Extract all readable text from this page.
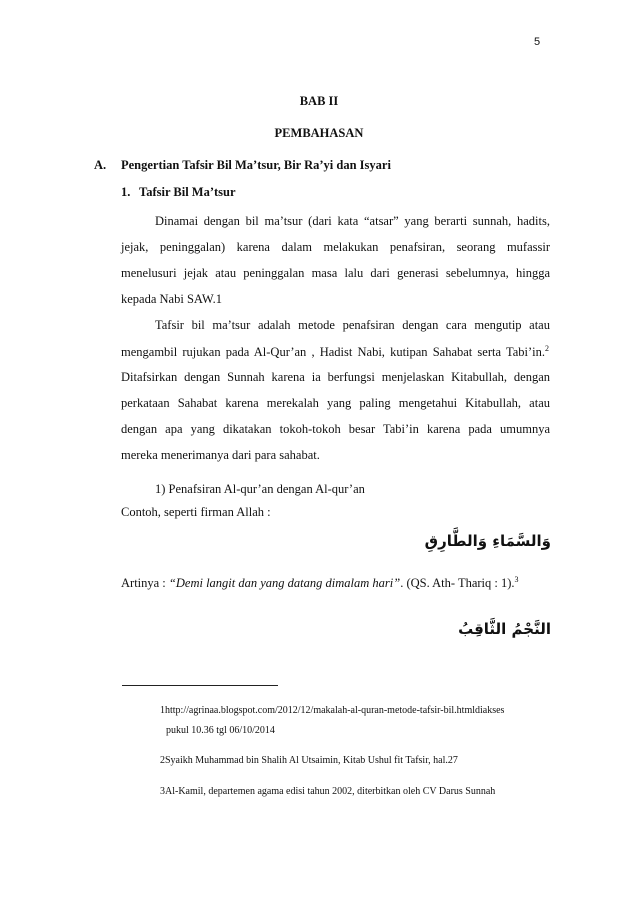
5
BAB II
PEMBAHASAN
A. Pengertian Tafsir Bil Ma’tsur, Bir Ra’yi dan Isyari
1. Tafsir Bil Ma’tsur
Dinamai dengan bil ma’tsur (dari kata “atsar” yang berarti sunnah, hadits,
jejak, peninggalan) karena dalam melakukan penafsiran, seorang mufassir
menelusuri jejak atau peninggalan masa lalu dari generasi sebelumnya, hingga
kepada Nabi SAW.1
Tafsir bil ma’tsur adalah metode penafsiran dengan cara mengutip atau
mengambil rujukan pada Al-Qur’an , Hadist Nabi, kutipan Sahabat serta Tabi’in.$^2$
Ditafsirkan dengan Sunnah karena ia berfungsi menjelaskan Kitabullah, dengan
perkataan Sahabat karena merekalah yang paling mengetahui Kitabullah, atau
dengan apa yang dikatakan tokoh-tokoh besar Tabi’in karena pada umumnya
mereka menerimanya dari para sahabat.
1) Penafsiran Al-qur’an dengan Al-qur’an
Contoh, seperti firman Allah :
وَالسَّمَاءِ وَالطَّارِقِ
Artinya : “Demi langit dan yang datang dimalam hari”. (QS. Ath- Thariq : 1).$^3$
النَّجْمُ الثَّاقِبُ
1http://agrinaa.blogspot.com/2012/12/makalah-al-quran-metode-tafsir-bil.htmldiakses
pukul 10.36 tgl 06/10/2014
2Syaikh Muhammad bin Shalih Al Utsaimin, Kitab Ushul fit Tafsir, hal.27
3Al-Kamil, departemen agama edisi tahun 2002, diterbitkan oleh CV Darus Sunnah
